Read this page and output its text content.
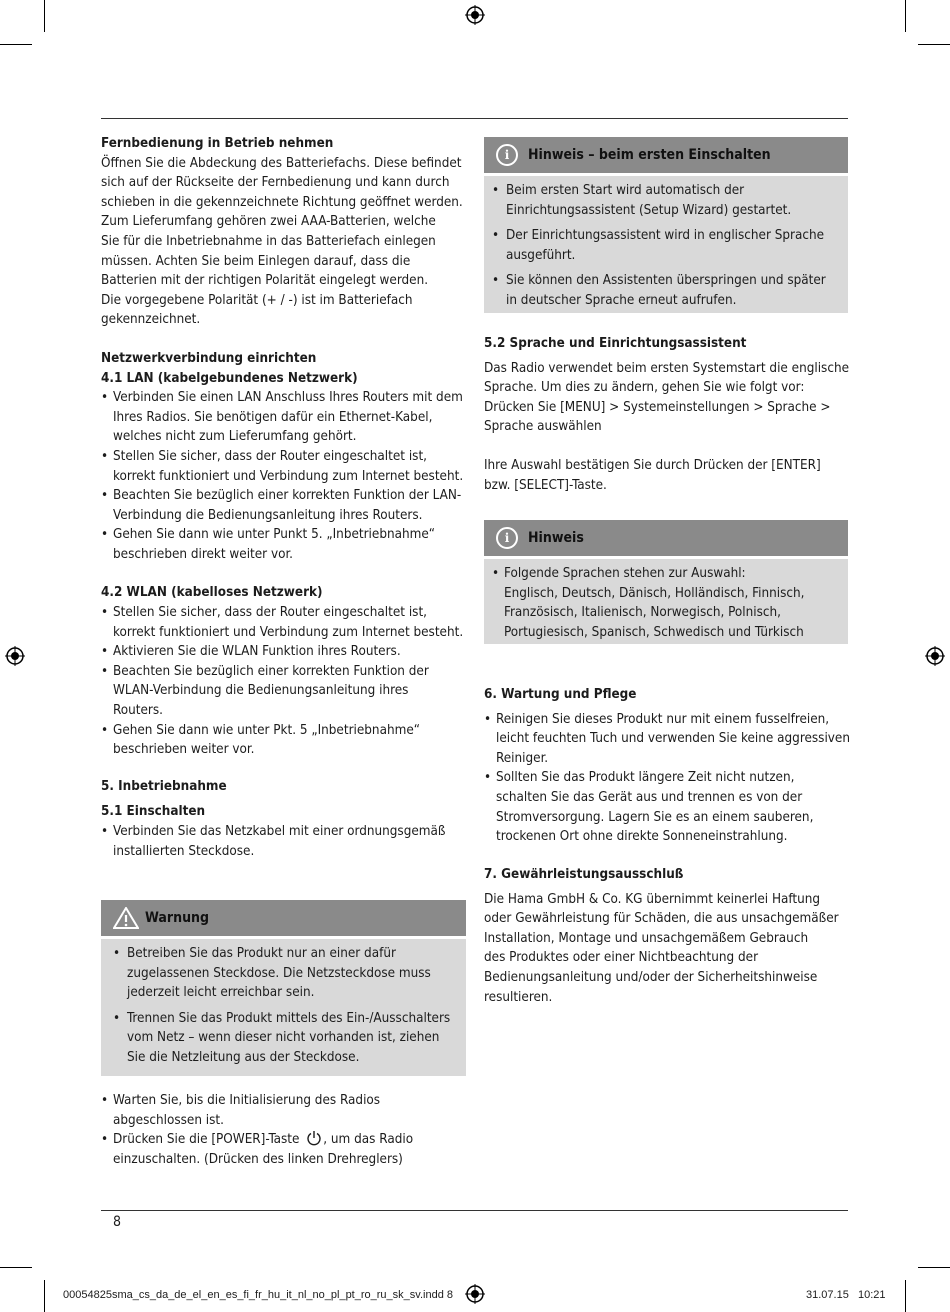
Fernbedienung in Betrieb nehmen

Öffnen Sie die Abdeckung des Batteriefachs. Diese befindet

sich auf der Rückseite der Fernbedienung und kann durch

schieben in die gekennzeichnete Richtung geöffnet werden.

Zum Lieferumfang gehören zwei AAA-Batterien, welche

Sie für die Inbetriebnahme in das Batteriefach einlegen

müssen. Achten Sie beim Einlegen darauf, dass die

Batterien mit der richtigen Polarität eingelegt werden.

Die vorgegebene Polarität (+ / -) ist im Batteriefach

gekennzeichnet.

Netzwerkverbindung einrichten

4.1 LAN (kabelgebundenes Netzwerk)

• Verbinden Sie einen LAN Anschluss Ihres Routers mit dem

Ihres Radios. Sie benötigen dafür ein Ethernet-Kabel,

welches nicht zum Lieferumfang gehört.

• Stellen Sie sicher, dass der Router eingeschaltet ist,

korrekt funktioniert und Verbindung zum Internet besteht.

• Beachten Sie bezüglich einer korrekten Funktion der LAN-

Verbindung die Bedienungsanleitung ihres Routers.

• Gehen Sie dann wie unter Punkt 5. „Inbetriebnahme“

beschrieben direkt weiter vor.

4.2 WLAN (kabelloses Netzwerk)

• Stellen Sie sicher, dass der Router eingeschaltet ist,

korrekt funktioniert und Verbindung zum Internet besteht.

• Aktivieren Sie die WLAN Funktion ihres Routers.

• Beachten Sie bezüglich einer korrekten Funktion der

WLAN-Verbindung die Bedienungsanleitung ihres

Routers.

• Gehen Sie dann wie unter Pkt. 5 „Inbetriebnahme“

beschrieben weiter vor.

5. Inbetriebnahme

5.1 Einschalten

• Verbinden Sie das Netzkabel mit einer ordnungsgemäß

installierten Steckdose.

Warnung

• Betreiben Sie das Produkt nur an einer dafür

zugelassenen Steckdose. Die Netzsteckdose muss

jederzeit leicht erreichbar sein.

• Trennen Sie das Produkt mittels des Ein-/Ausschalters

vom Netz – wenn dieser nicht vorhanden ist, ziehen

Sie die Netzleitung aus der Steckdose.

• Warten Sie, bis die Initialisierung des Radios

abgeschlossen ist.

• Drücken Sie die [POWER]-Taste , um das Radio

einzuschalten. (Drücken des linken Drehreglers)

i	Hinweis – beim ersten Einschalten

• Beim ersten Start wird automatisch der

Einrichtungsassistent (Setup Wizard) gestartet.

• Der Einrichtungsassistent wird in englischer Sprache

ausgeführt.

• Sie können den Assistenten überspringen und später

in deutscher Sprache erneut aufrufen.

5.2 Sprache und Einrichtungsassistent

Das Radio verwendet beim ersten Systemstart die englische

Sprache. Um dies zu ändern, gehen Sie wie folgt vor:

Drücken Sie [MENU] > Systemeinstellungen > Sprache >

Sprache auswählen

Ihre Auswahl bestätigen Sie durch Drücken der [ENTER]

bzw. [SELECT]-Taste.

i	Hinweis

• Folgende Sprachen stehen zur Auswahl:

Englisch, Deutsch, Dänisch, Holländisch, Finnisch,

Französisch, Italienisch, Norwegisch, Polnisch,

Portugiesisch, Spanisch, Schwedisch und Türkisch

6. Wartung und Pflege

• Reinigen Sie dieses Produkt nur mit einem fusselfreien,

leicht feuchten Tuch und verwenden Sie keine aggressiven

Reiniger.

• Sollten Sie das Produkt längere Zeit nicht nutzen,

schalten Sie das Gerät aus und trennen es von der

Stromversorgung. Lagern Sie es an einem sauberen,

trockenen Ort ohne direkte Sonneneinstrahlung.

7. Gewährleistungsausschluß

Die Hama GmbH & Co. KG übernimmt keinerlei Haftung

oder Gewährleistung für Schäden, die aus unsachgemäßer

Installation, Montage und unsachgemäßem Gebrauch

des Produktes oder einer Nichtbeachtung der

Bedienungsanleitung und/oder der Sicherheitshinweise

resultieren.

8
00054825sma_cs_da_de_el_en_es_fi_fr_hu_it_nl_no_pl_pt_ro_ru_sk_sv.indd 8	31.07.15   10:21
